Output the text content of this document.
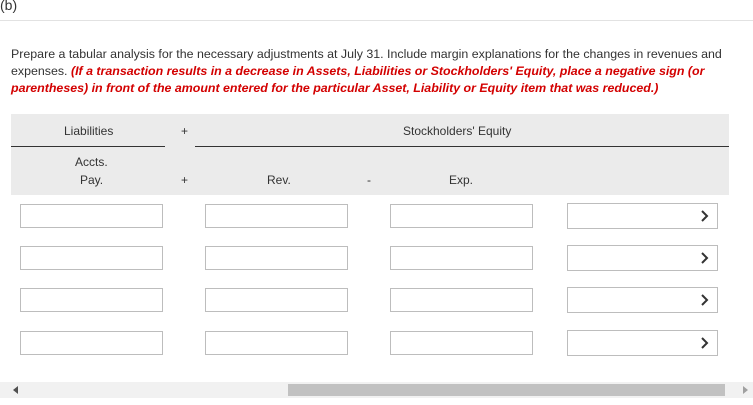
(b)
Prepare a tabular analysis for the necessary adjustments at July 31. Include margin explanations for the changes in revenues and expenses. (If a transaction results in a decrease in Assets, Liabilities or Stockholders' Equity, place a negative sign (or parentheses) in front of the amount entered for the particular Asset, Liability or Equity item that was reduced.)
Liabilities	+	Stockholders' Equity
Accts.
Pay.	+	Rev.	-	Exp.
